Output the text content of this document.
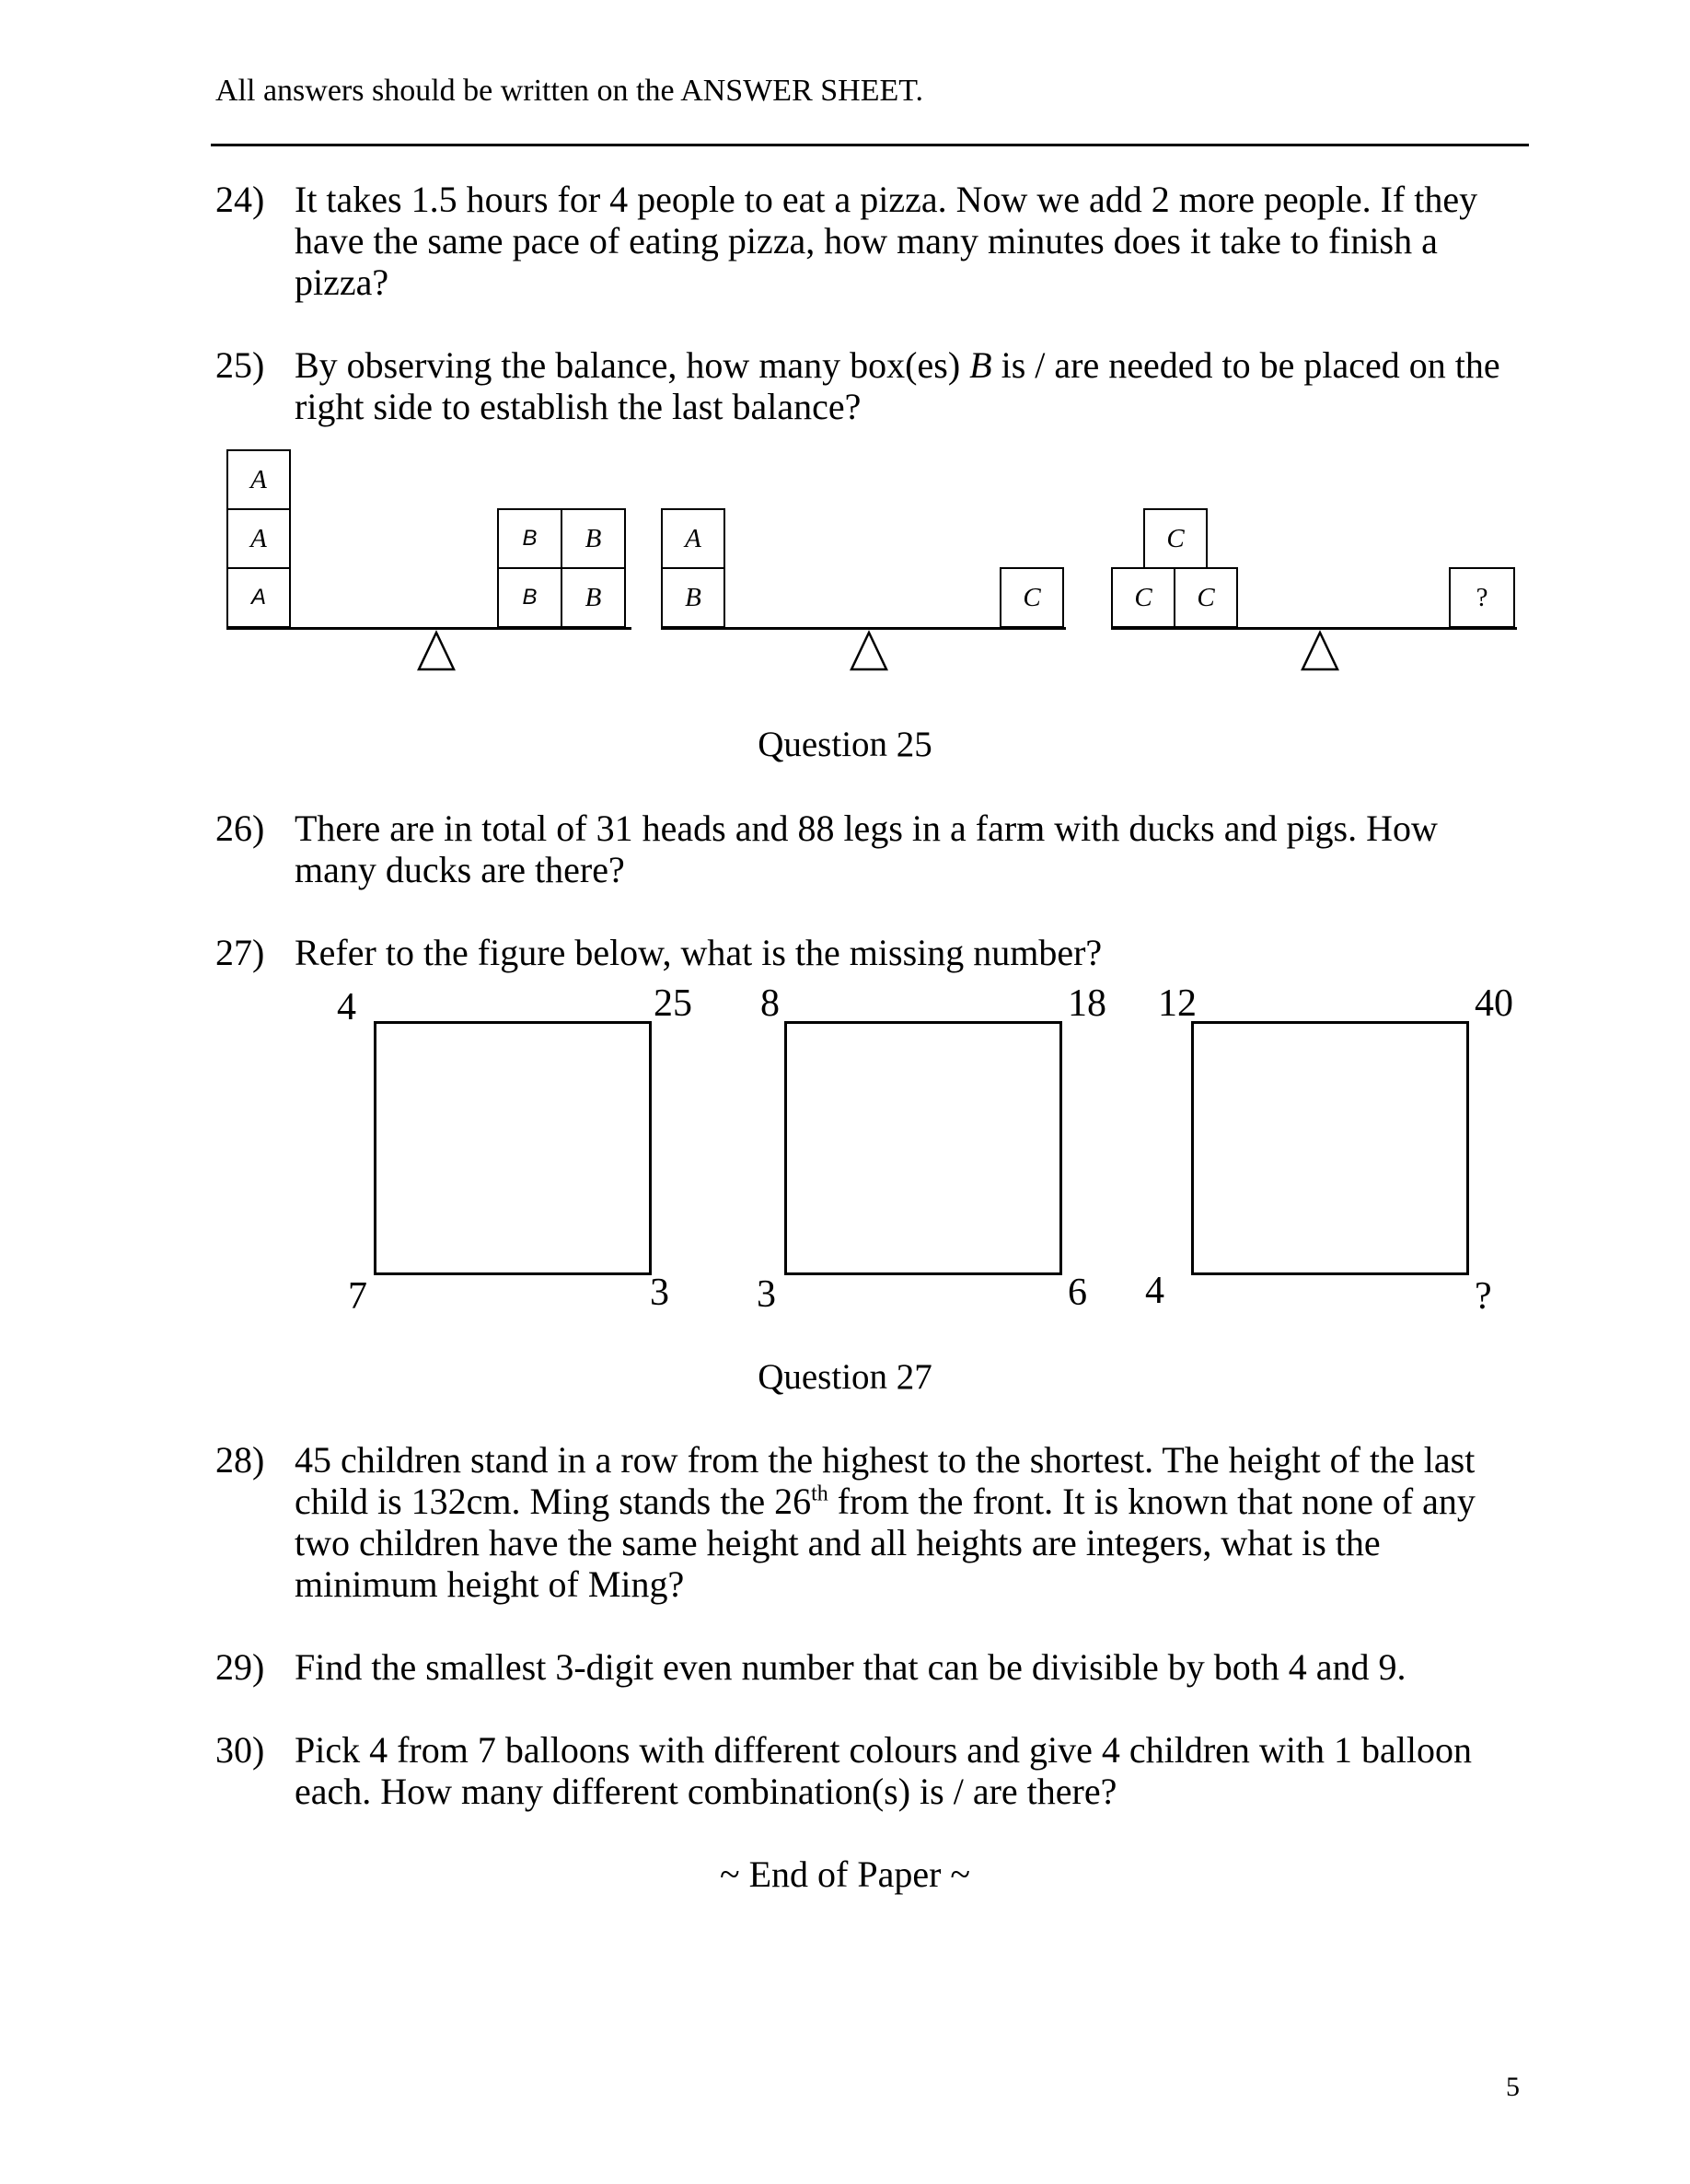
All answers should be written on the ANSWER SHEET.
24) It takes 1.5 hours for 4 people to eat a pizza. Now we add 2 more people. If they have the same pace of eating pizza, how many minutes does it take to finish a pizza?
25) By observing the balance, how many box(es) B is / are needed to be placed on the right side to establish the last balance?
A
A
A
B	B
B	B
A
B	C
C
C	C	?
Question 25
26) There are in total of 31 heads and 88 legs in a farm with ducks and pigs. How many ducks are there?
27) Refer to the figure below, what is the missing number?
4	25
7	3
8	18
3	6
12	40
4	?
Question 27
28) 45 children stand in a row from the highest to the shortest. The height of the last child is 132cm. Ming stands the 26th from the front. It is known that none of any two children have the same height and all heights are integers, what is the minimum height of Ming?
29) Find the smallest 3-digit even number that can be divisible by both 4 and 9.
30) Pick 4 from 7 balloons with different colours and give 4 children with 1 balloon each. How many different combination(s) is / are there?
~ End of Paper ~
5
